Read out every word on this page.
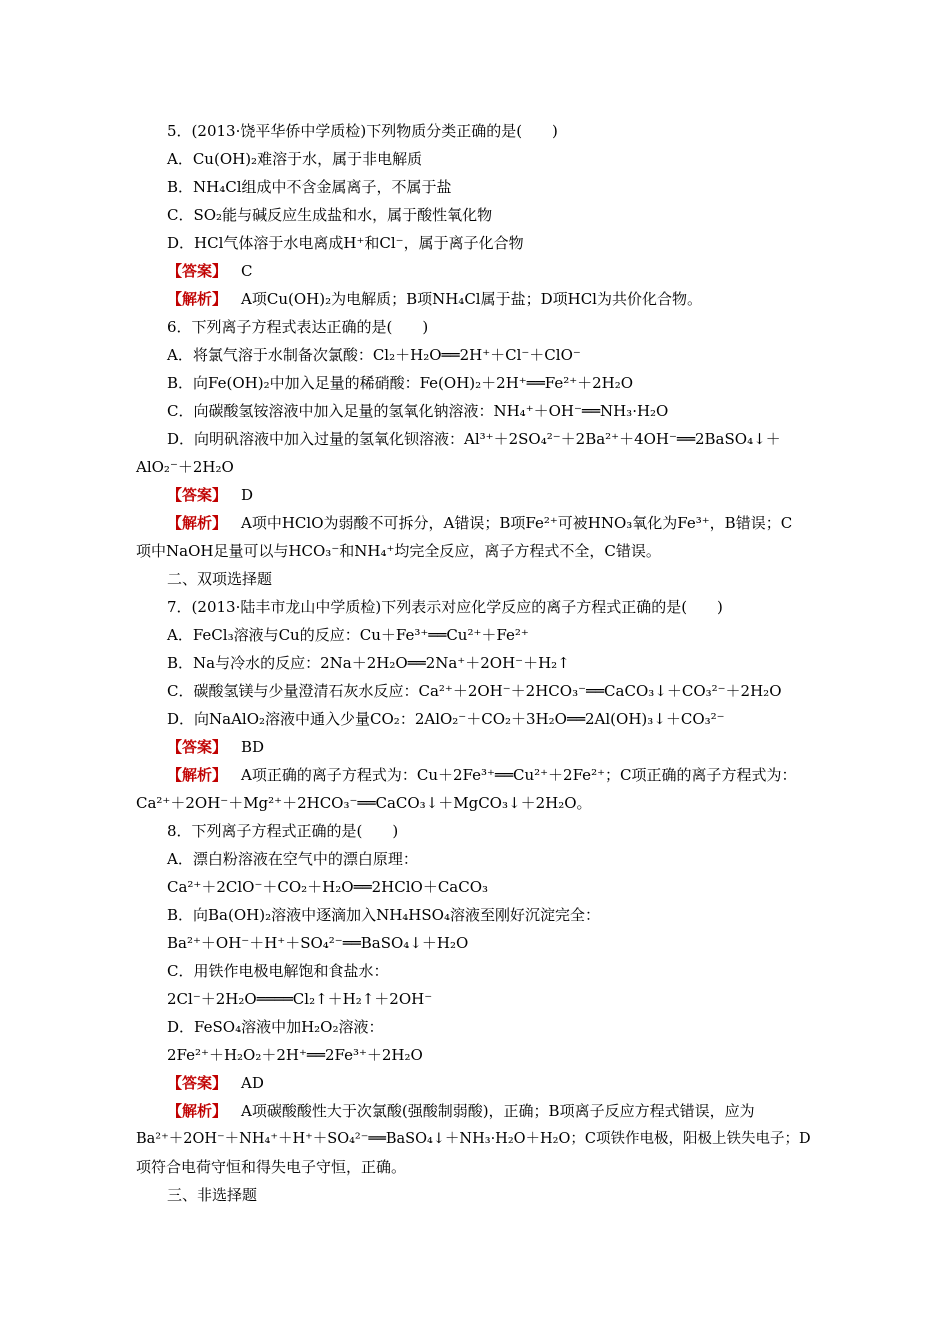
5．(2013·饶平华侨中学质检)下列物质分类正确的是(　　)
A．Cu(OH)₂难溶于水，属于非电解质
B．NH₄Cl组成中不含金属离子，不属于盐
C．SO₂能与碱反应生成盐和水，属于酸性氧化物
D．HCl气体溶于水电离成H⁺和Cl⁻，属于离子化合物
【答案】 C
【解析】 A项Cu(OH)₂为电解质；B项NH₄Cl属于盐；D项HCl为共价化合物。
6．下列离子方程式表达正确的是(　　)
A．将氯气溶于水制备次氯酸：Cl₂＋H₂O══2H⁺＋Cl⁻＋ClO⁻
B．向Fe(OH)₂中加入足量的稀硝酸：Fe(OH)₂＋2H⁺══Fe²⁺＋2H₂O
C．向碳酸氢铵溶液中加入足量的氢氧化钠溶液：NH₄⁺＋OH⁻══NH₃·H₂O
D．向明矾溶液中加入过量的氢氧化钡溶液：Al³⁺＋2SO₄²⁻＋2Ba²⁺＋4OH⁻══2BaSO₄↓＋
AlO₂⁻＋2H₂O
【答案】 D
【解析】 A项中HClO为弱酸不可拆分，A错误；B项Fe²⁺可被HNO₃氧化为Fe³⁺，B错误；C
项中NaOH足量可以与HCO₃⁻和NH₄⁺均完全反应，离子方程式不全，C错误。
二、双项选择题
7．(2013·陆丰市龙山中学质检)下列表示对应化学反应的离子方程式正确的是(　　)
A．FeCl₃溶液与Cu的反应：Cu＋Fe³⁺══Cu²⁺＋Fe²⁺
B．Na与冷水的反应：2Na＋2H₂O══2Na⁺＋2OH⁻＋H₂↑
C．碳酸氢镁与少量澄清石灰水反应：Ca²⁺＋2OH⁻＋2HCO₃⁻══CaCO₃↓＋CO₃²⁻＋2H₂O
D．向NaAlO₂溶液中通入少量CO₂：2AlO₂⁻＋CO₂＋3H₂O══2Al(OH)₃↓＋CO₃²⁻
【答案】 BD
【解析】 A项正确的离子方程式为：Cu＋2Fe³⁺══Cu²⁺＋2Fe²⁺；C项正确的离子方程式为：
Ca²⁺＋2OH⁻＋Mg²⁺＋2HCO₃⁻══CaCO₃↓＋MgCO₃↓＋2H₂O。
8．下列离子方程式正确的是(　　)
A．漂白粉溶液在空气中的漂白原理：
Ca²⁺＋2ClO⁻＋CO₂＋H₂O══2HClO＋CaCO₃
B．向Ba(OH)₂溶液中逐滴加入NH₄HSO₄溶液至刚好沉淀完全：
Ba²⁺＋OH⁻＋H⁺＋SO₄²⁻══BaSO₄↓＋H₂O
C．用铁作电极电解饱和食盐水：
2Cl⁻＋2H₂O════Cl₂↑＋H₂↑＋2OH⁻
D．FeSO₄溶液中加H₂O₂溶液：
2Fe²⁺＋H₂O₂＋2H⁺══2Fe³⁺＋2H₂O
【答案】 AD
【解析】 A项碳酸酸性大于次氯酸(强酸制弱酸)，正确；B项离子反应方程式错误，应为
Ba²⁺＋2OH⁻＋NH₄⁺＋H⁺＋SO₄²⁻══BaSO₄↓＋NH₃·H₂O＋H₂O；C项铁作电极，阳极上铁失电子；D
项符合电荷守恒和得失电子守恒，正确。
三、非选择题
